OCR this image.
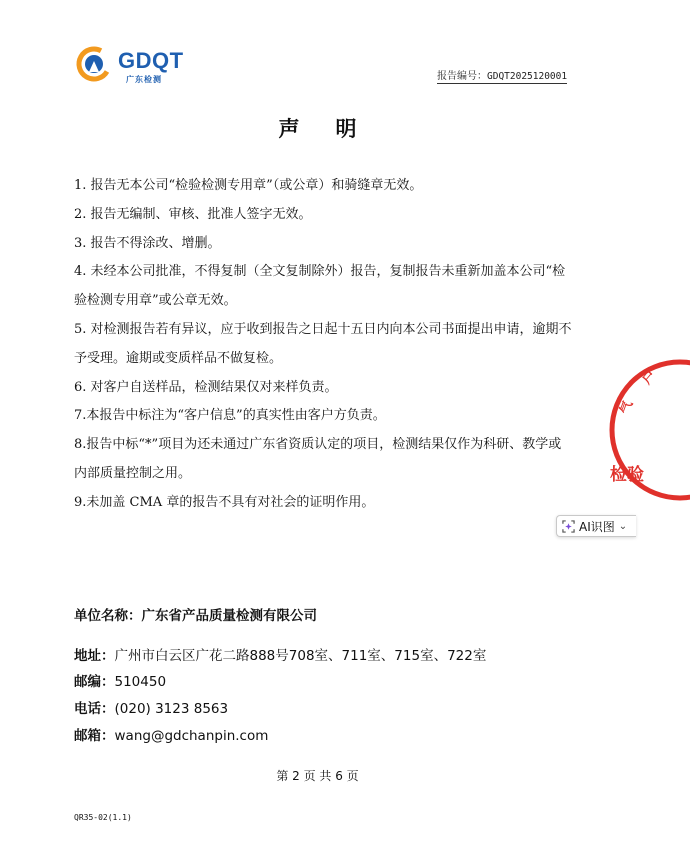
GDQT
广东检测	报告编号：GDQT2025120001
声明

1. 报告无本公司“检验检测专用章”（或公章）和骑缝章无效。

2. 报告无编制、审核、批准人签字无效。

3. 报告不得涂改、增删。

4. 未经本公司批准，不得复制（全文复制除外）报告，复制报告未重新加盖本公司“检验检测专用章”或公章无效。

5. 对检测报告若有异议，应于收到报告之日起十五日内向本公司书面提出申请，逾期不予受理。逾期或变质样品不做复检。

6. 对客户自送样品，检测结果仅对来样负责。

7.本报告中标注为“客户信息”的真实性由客户方负责。

8.报告中标“*”项目为还未通过广东省资质认定的项目，检测结果仅作为科研、教学或内部质量控制之用。

9.未加盖 CMA 章的报告不具有对社会的证明作用。

单位名称：广东省产品质量检测有限公司
地址：广州市白云区广花二路888号708室、711室、715室、722室
邮编：510450
电话：(020) 3123 8563
邮箱：wang@gdchanpin.com
第 2 页 共 6 页
QR35-02(1.1)
AI识图 ⌄
户
气
检验
